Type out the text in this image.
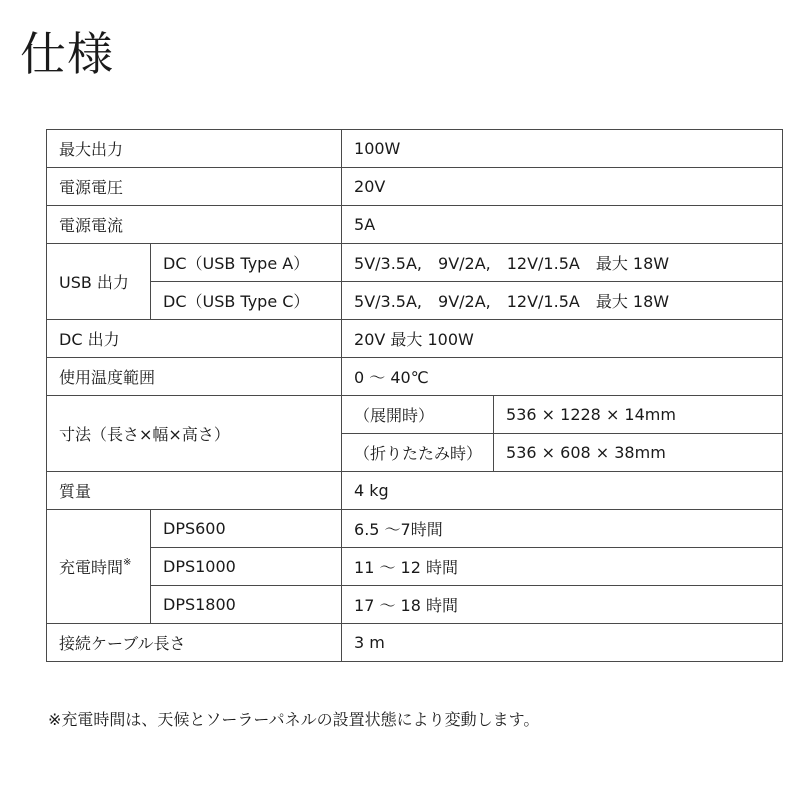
仕様
最大出力		100W	
電源電圧		20V	
電源電流		5A	
USB 出力	DC（USB Type A）	5V/3.5A,　9V/2A,　12V/1.5A　最大 18W	
	DC（USB Type C）	5V/3.5A,　9V/2A,　12V/1.5A　最大 18W	
DC 出力		20V 最大 100W	
使用温度範囲		0 ～ 40℃	
寸法（長さ×幅×高さ）		（展開時）	536 × 1228 × 14mm
		（折りたたみ時）	536 × 608 × 38mm
質量		4 kg	
充電時間※	DPS600	6.5 ～7時間	
	DPS1000	11 ～ 12 時間	
	DPS1800	17 ～ 18 時間	
接続ケーブル長さ		3 m	
※充電時間は、天候とソーラーパネルの設置状態により変動します。
